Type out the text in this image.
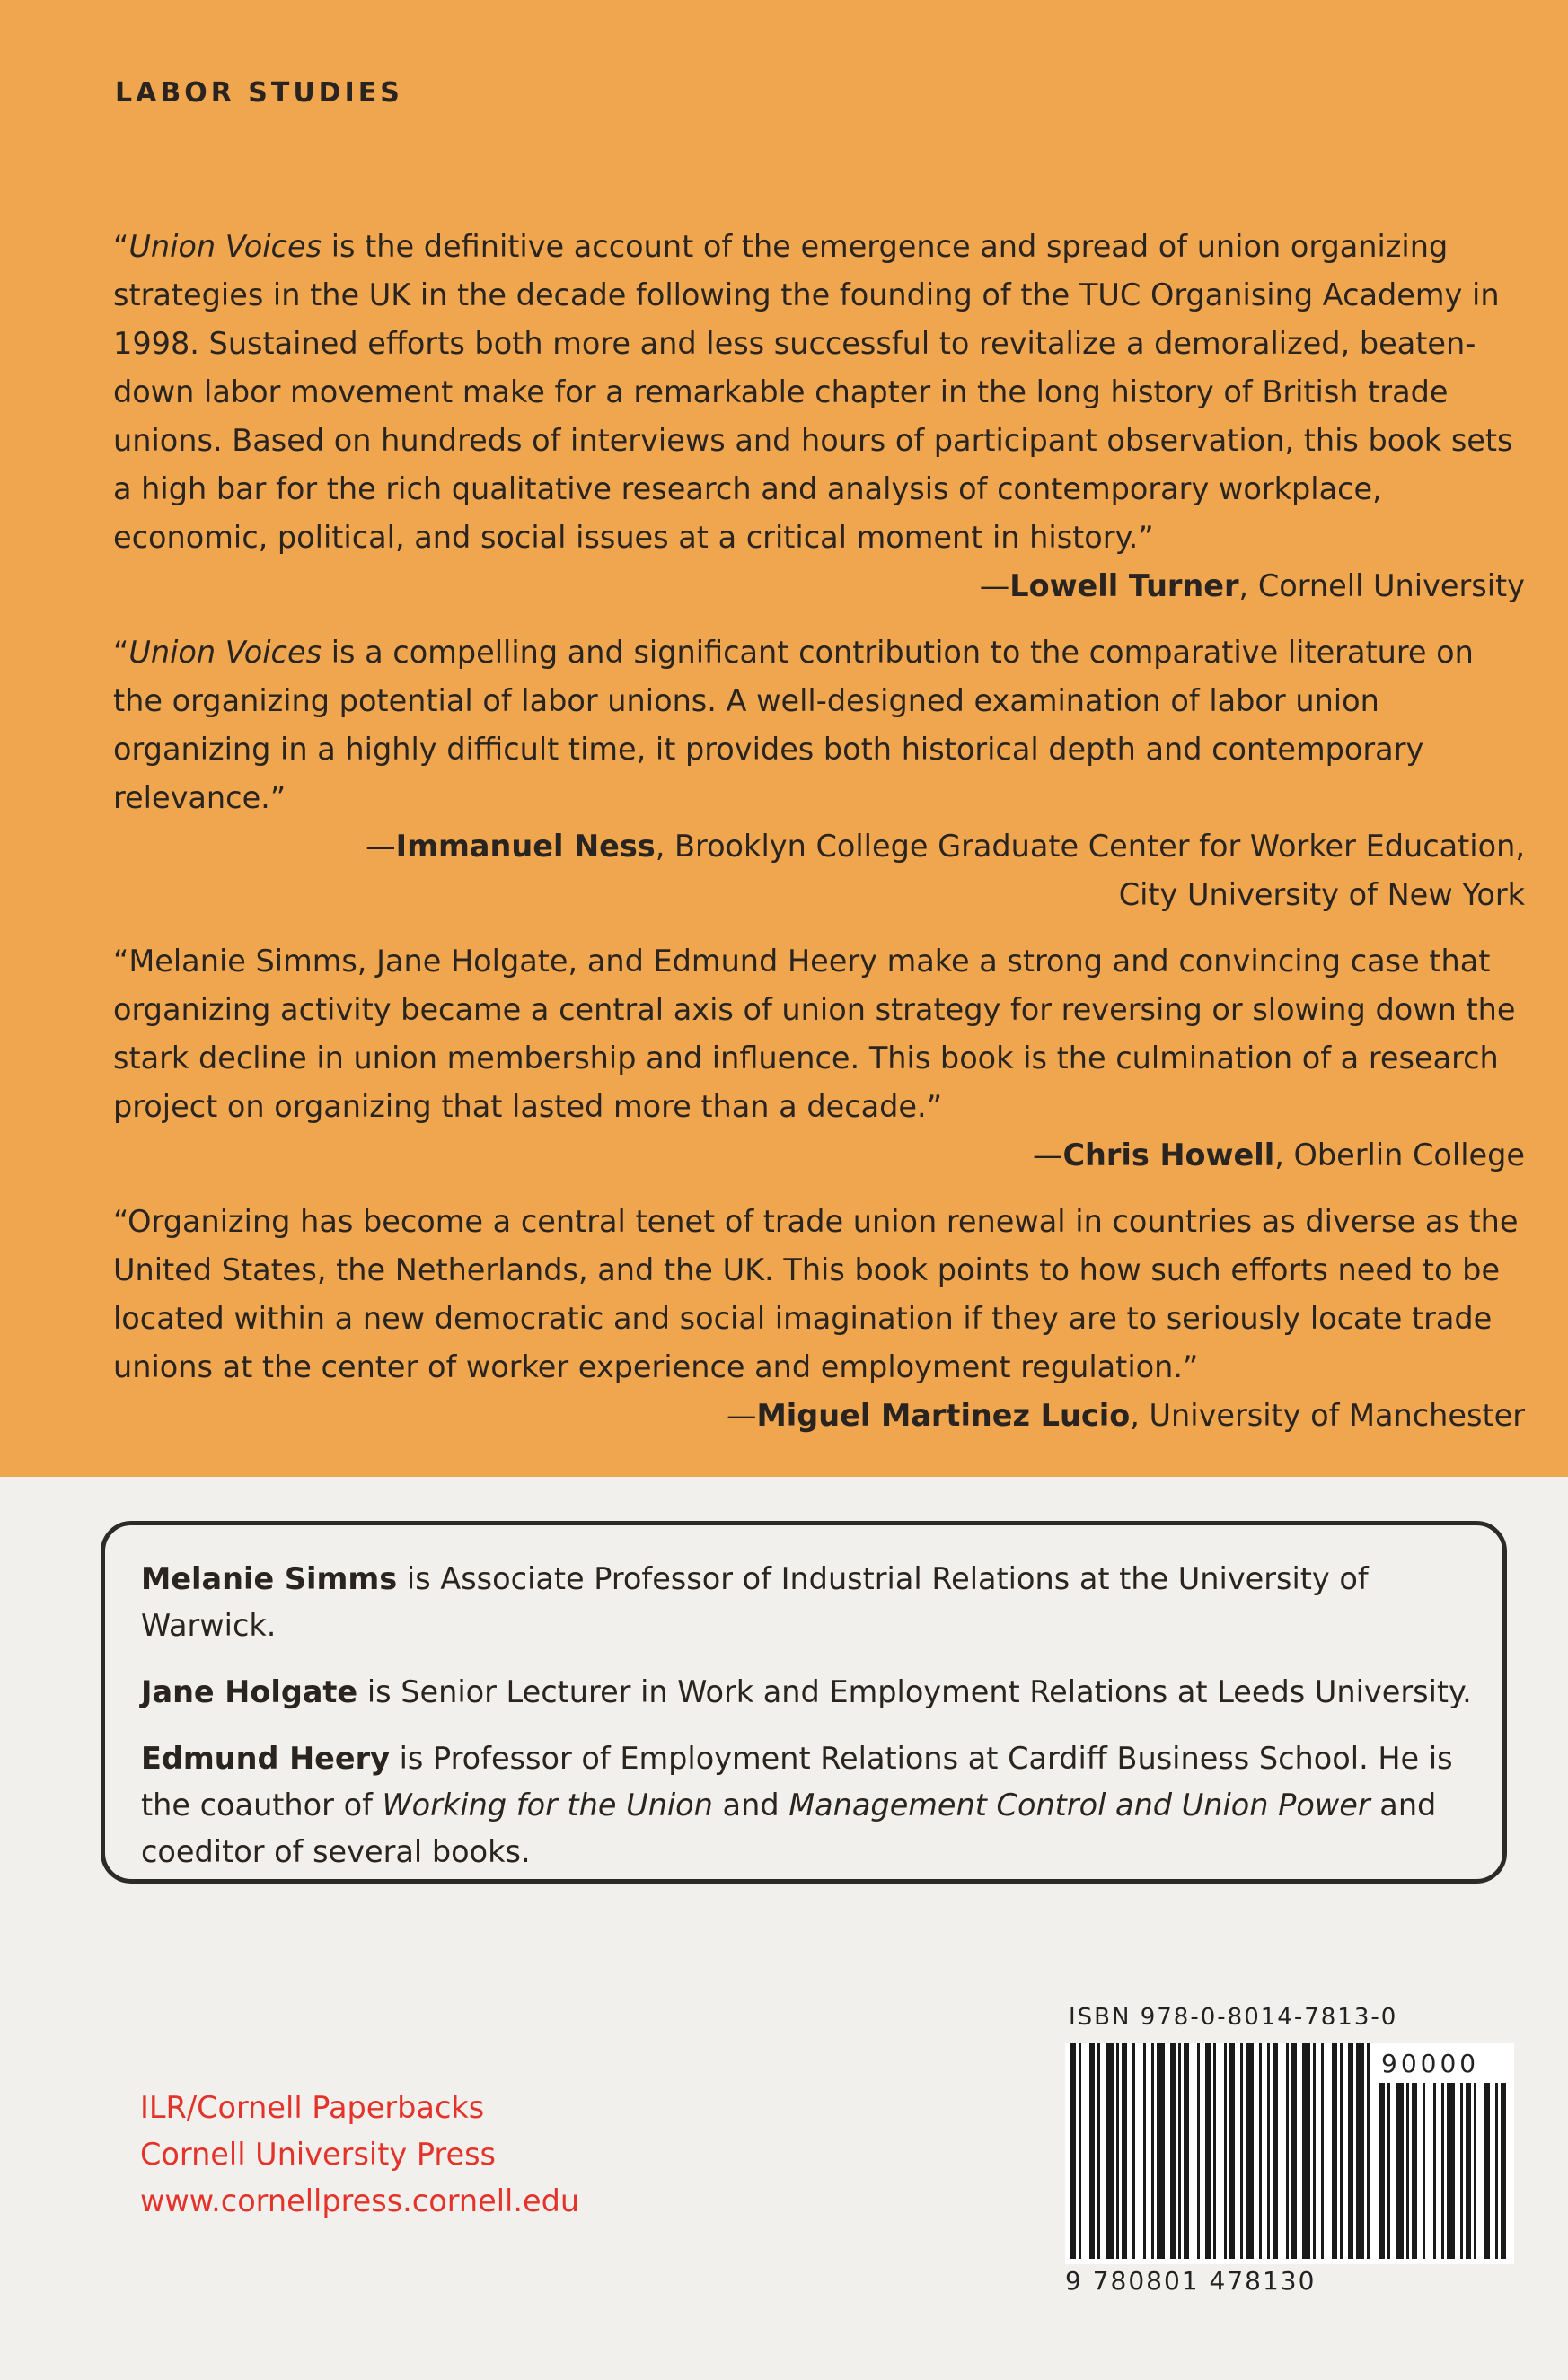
LABOR STUDIES

“Union Voices is the definitive account of the emergence and spread of union organizing strategies in the UK in the decade following the founding of the TUC Organising Academy in 1998. Sustained efforts both more and less successful to revitalize a demoralized, beaten-down labor movement make for a remarkable chapter in the long history of British trade unions. Based on hundreds of interviews and hours of participant observation, this book sets a high bar for the rich qualitative research and analysis of contemporary workplace, economic, political, and social issues at a critical moment in history.”

—Lowell Turner, Cornell University

“Union Voices is a compelling and significant contribution to the comparative literature on the organizing potential of labor unions. A well-designed examination of labor union organizing in a highly difficult time, it provides both historical depth and contemporary relevance.”

—Immanuel Ness, Brooklyn College Graduate Center for Worker Education,
City University of New York

“Melanie Simms, Jane Holgate, and Edmund Heery make a strong and convincing case that organizing activity became a central axis of union strategy for reversing or slowing down the stark decline in union membership and influence. This book is the culmination of a research project on organizing that lasted more than a decade.”

—Chris Howell, Oberlin College

“Organizing has become a central tenet of trade union renewal in countries as diverse as the United States, the Netherlands, and the UK. This book points to how such efforts need to be located within a new democratic and social imagination if they are to seriously locate trade unions at the center of worker experience and employment regulation.”

—Miguel Martinez Lucio, University of Manchester

Melanie Simms is Associate Professor of Industrial Relations at the University of Warwick.

Jane Holgate is Senior Lecturer in Work and Employment Relations at Leeds University.

Edmund Heery is Professor of Employment Relations at Cardiff Business School. He is the coauthor of Working for the Union and Management Control and Union Power and coeditor of several books.

ILR/Cornell Paperbacks
Cornell University Press
www.cornellpress.cornell.edu
ISBN 978-0-8014-7813-0
90000
9 780801 478130
